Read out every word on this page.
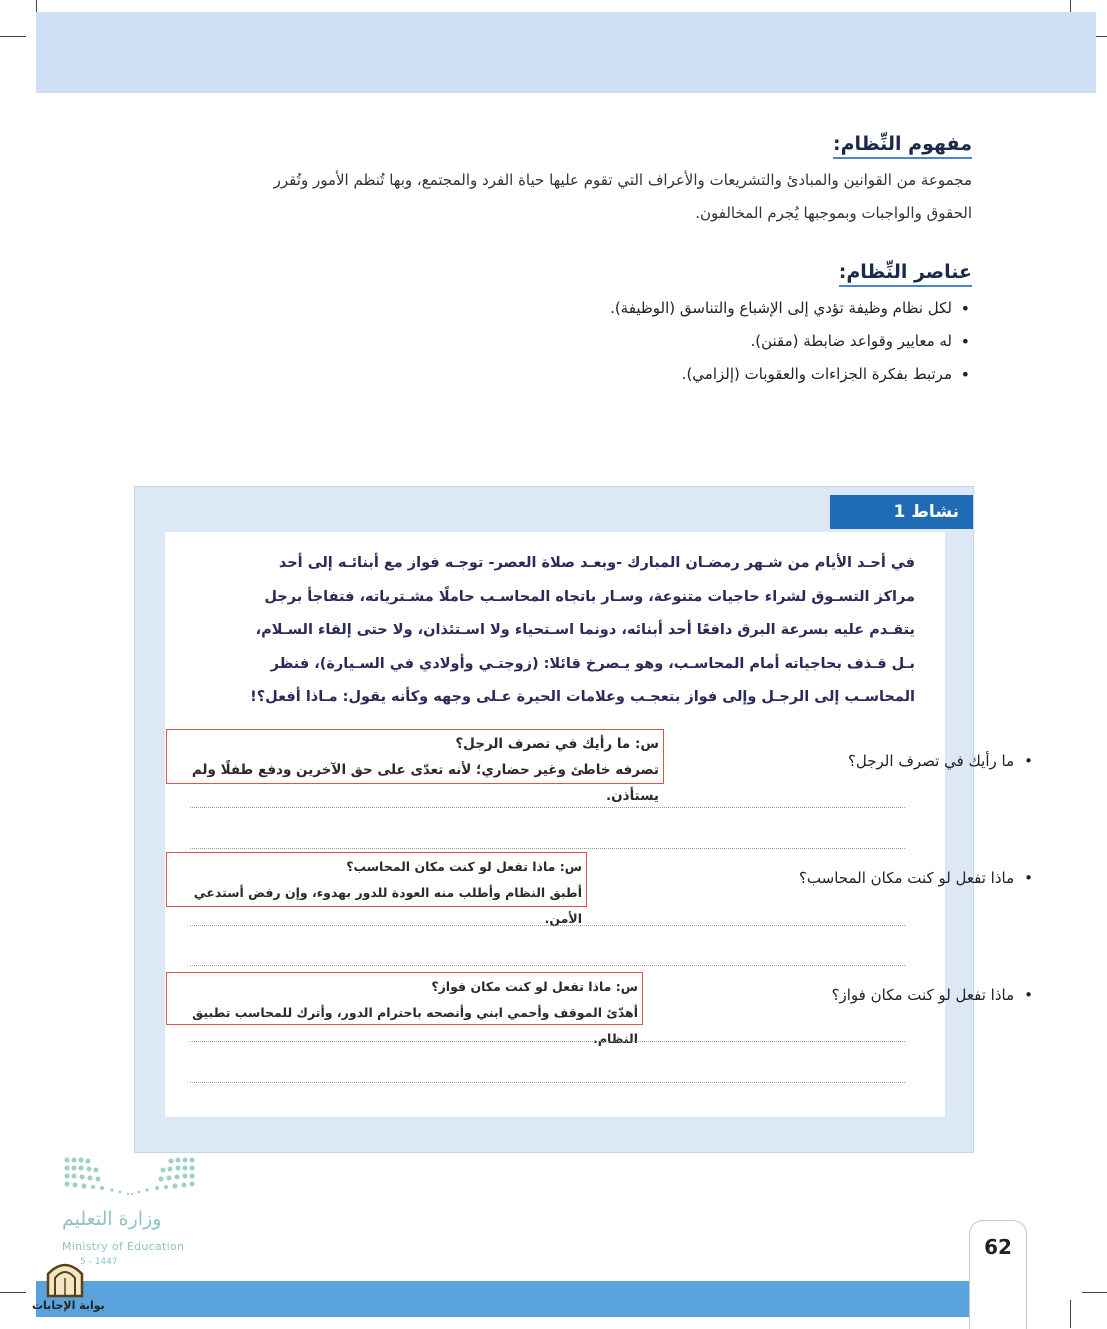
مفهوم النِّظام:
مجموعة من القوانين والمبادئ والتشريعات والأعراف التي تقوم عليها حياة الفرد والمجتمع، وبها تُنظم الأمور وتُقرر
الحقوق والواجبات وبموجبها يُجرم المخالفون.
عناصر النِّظام:
• لكل نظام وظيفة تؤدي إلى الإشباع والتناسق (الوظيفة).
• له معايير وقواعد ضابطة (مقنن).
• مرتبط بفكرة الجزاءات والعقوبات (إلزامي).
نشاط 1
في أحـد الأيام من شـهر رمضـان المبارك -وبعـد صلاة العصر- توجـه فواز مع أبنائـه إلى أحد
مراكز التسـوق لشراء حاجيات متنوعة، وسـار باتجاه المحاسـب حاملًا مشـترياته، فتفاجأ برجل
يتقـدم عليه بسرعة البرق دافعًا أحد أبنائه، دونما اسـتحياء ولا اسـتئذان، ولا حتى إلقاء السـلام،
بـل قـذف بحاجياته أمام المحاسـب، وهو يـصرخ قائلا: (زوجتـي وأولادي في السـيارة)، فنظر
المحاسـب إلى الرجـل وإلى فواز بتعجـب وعلامات الحيرة عـلى وجهه وكأنه يقول: مـاذا أفعل؟!
•ما رأيك في تصرف الرجل؟
س: ما رأيك في تصرف الرجل؟
تصرفه خاطئ وغير حضاري؛ لأنه تعدّى على حق الآخرين ودفع طفلًا ولم يستأذن.
•ماذا تفعل لو كنت مكان المحاسب؟
س: ماذا تفعل لو كنت مكان المحاسب؟
أطبق النظام وأطلب منه العودة للدور بهدوء، وإن رفض أستدعي الأمن.
•ماذا تفعل لو كنت مكان فواز؟
س: ماذا تفعل لو كنت مكان فواز؟
أهدّئ الموقف وأحمي ابني وأنصحه باحترام الدور، وأترك للمحاسب تطبيق النظام.
وزارة التعليم
Ministry of Education
5 - 1447
62
بوابة الإجابات
